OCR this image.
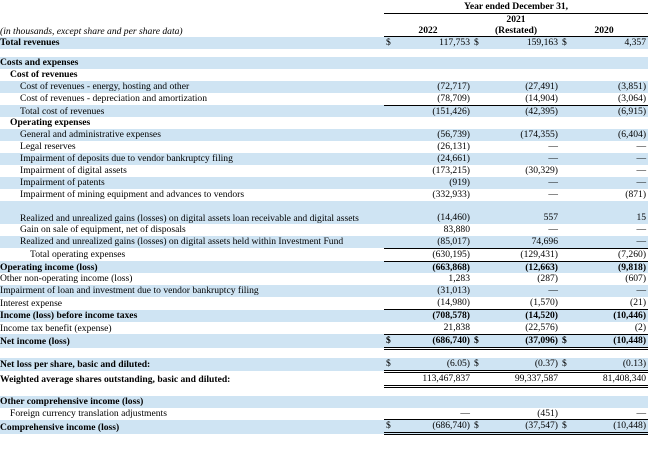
	Year ended December 31,					
			2021			
(in thousands, except share and per share data)	2022		(Restated)		2020	
Total revenues	$	117,753	$	159,163	$	4,357

Costs and expenses						
Cost of revenues						
Cost of revenues - energy, hosting and other		(72,717)		(27,491)		(3,851)
Cost of revenues - depreciation and amortization		(78,709)		(14,904)		(3,064)
Total cost of revenues		(151,426)		(42,395)		(6,915)
Operating expenses						
General and administrative expenses		(56,739)		(174,355)		(6,404)
Legal reserves		(26,131)		—		—
Impairment of deposits due to vendor bankruptcy filing		(24,661)		—		—
Impairment of digital assets		(173,215)		(30,329)		—
Impairment of patents		(919)		—		—
Impairment of mining equipment and advances to vendors		(332,933)		—		(871)
Realized and unrealized gains (losses) on digital assets loan receivable and digital assets		(14,460)		557		15
Gain on sale of equipment, net of disposals		83,880		—		—
Realized and unrealized gains (losses) on digital assets held within Investment Fund		(85,017)		74,696		—
Total operating expenses		(630,195)		(129,431)		(7,260)
Operating income (loss)		(663,868)		(12,663)		(9,818)
Other non-operating income (loss)		1,283		(287)		(607)
Impairment of loan and investment due to vendor bankruptcy filing		(31,013)		—		—
Interest expense		(14,980)		(1,570)		(21)
Income (loss) before income taxes		(708,578)		(14,520)		(10,446)
Income tax benefit (expense)		21,838		(22,576)		(2)
Net income (loss)	$	(686,740)	$	(37,096)	$	(10,448)

Net loss per share, basic and diluted:	$	(6.05)	$	(0.37)	$	(0.13)
Weighted average shares outstanding, basic and diluted:		113,467,837		99,337,587		81,408,340

Other comprehensive income (loss)						
Foreign currency translation adjustments		—		(451)		—
Comprehensive income (loss)	$	(686,740)	$	(37,547)	$	(10,448)
